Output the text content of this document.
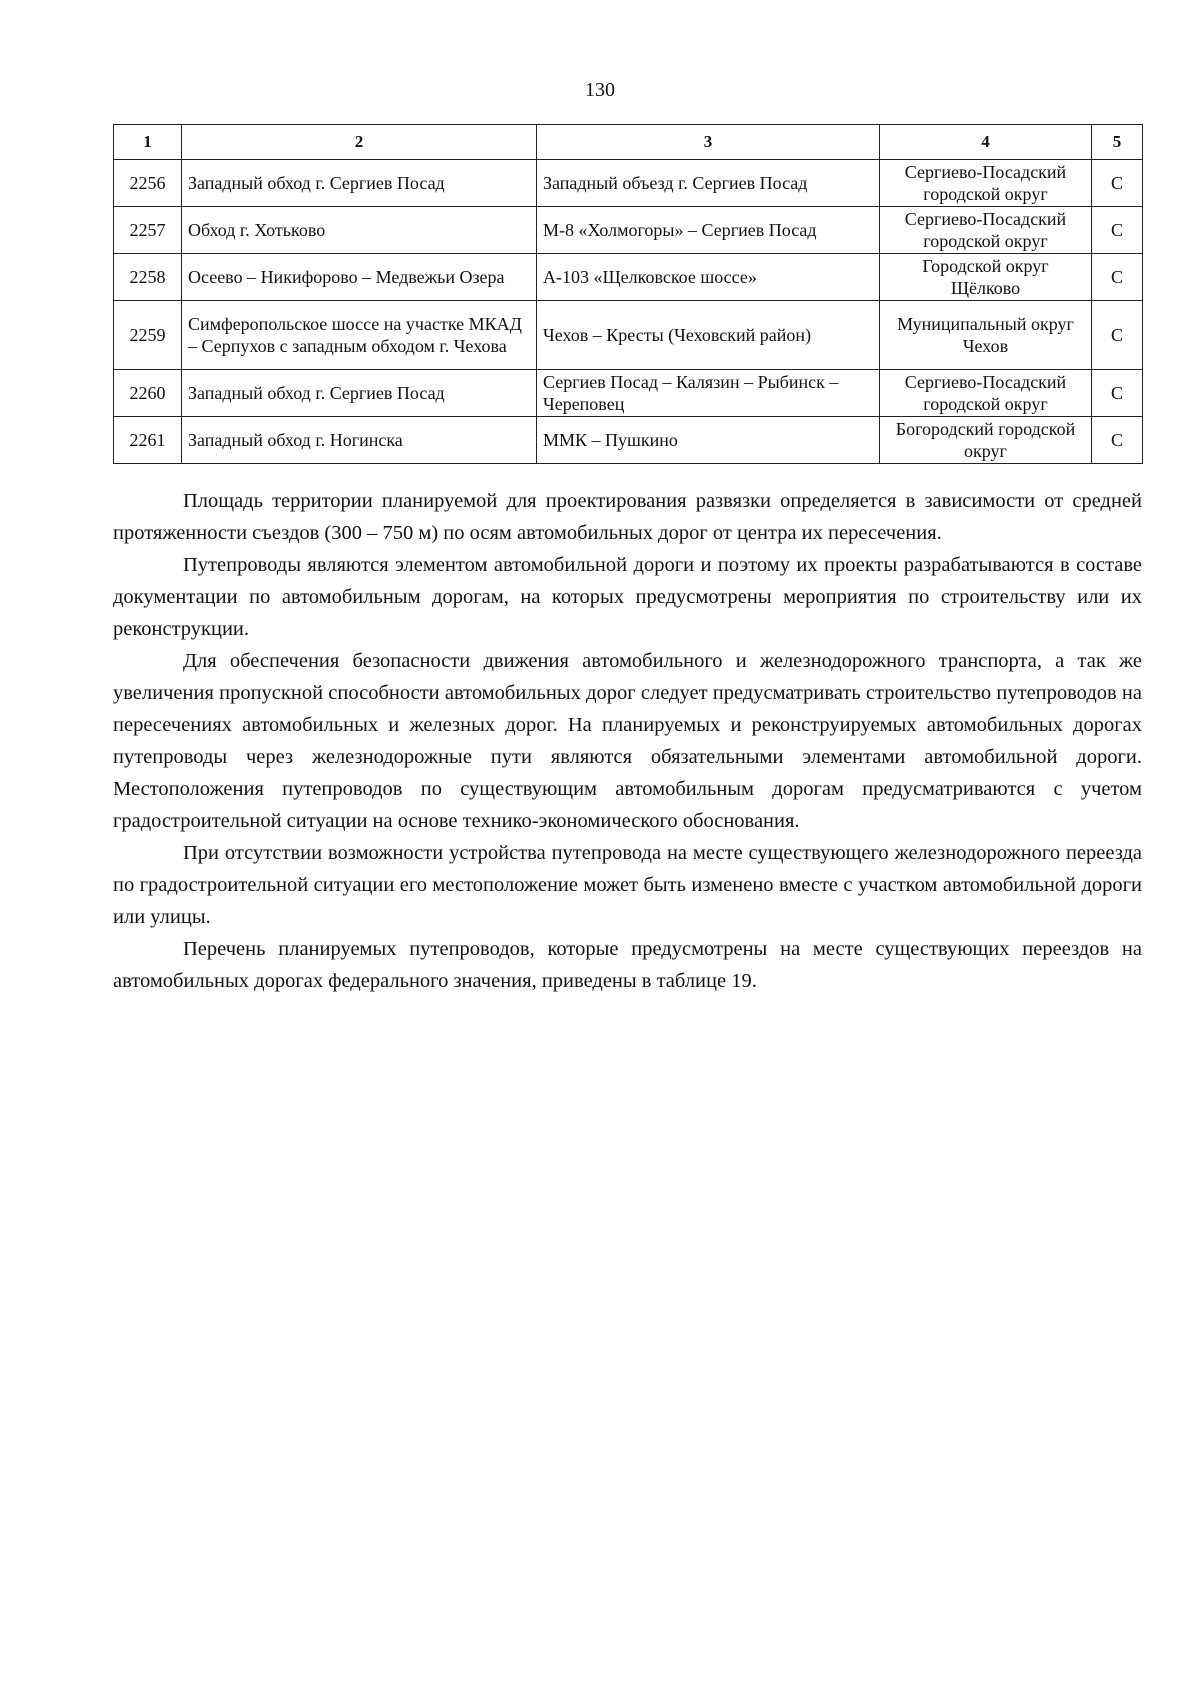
130
1	2	3	4	5
2256	Западный обход г. Сергиев Посад	Западный объезд г. Сергиев Посад	Сергиево-Посадский городской округ	С
2257	Обход г. Хотьково	М-8 «Холмогоры» – Сергиев Посад	Сергиево-Посадский городской округ	С
2258	Осеево – Никифорово – Медвежьи Озера	А-103 «Щелковское шоссе»	Городской округ Щёлково	С
2259	Симферопольское шоссе на участке МКАД – Серпухов с западным обходом г. Чехова	Чехов – Кресты (Чеховский район)	Муниципальный округ Чехов	С
2260	Западный обход г. Сергиев Посад	Сергиев Посад – Калязин – Рыбинск – Череповец	Сергиево-Посадский городской округ	С
2261	Западный обход г. Ногинска	ММК – Пушкино	Богородский городской округ	С

Площадь территории планируемой для проектирования развязки определяется в зависимости от средней протяженности съездов (300 – 750 м) по осям автомобильных дорог от центра их пересечения.

Путепроводы являются элементом автомобильной дороги и поэтому их проекты разрабатываются в составе документации по автомобильным дорогам, на которых предусмотрены мероприятия по строительству или их реконструкции.

Для обеспечения безопасности движения автомобильного и железнодорожного транспорта, а так же увеличения пропускной способности автомобильных дорог следует предусматривать строительство путепроводов на пересечениях автомобильных и железных дорог. На планируемых и реконструируемых автомобильных дорогах путепроводы через железнодорожные пути являются обязательными элементами автомобильной дороги. Местоположения путепроводов по существующим автомобильным дорогам предусматриваются с учетом градостроительной ситуации на основе технико-экономического обоснования.

При отсутствии возможности устройства путепровода на месте существующего железнодорожного переезда по градостроительной ситуации его местоположение может быть изменено вместе с участком автомобильной дороги или улицы.

Перечень планируемых путепроводов, которые предусмотрены на месте существующих переездов на автомобильных дорогах федерального значения, приведены в таблице 19.
